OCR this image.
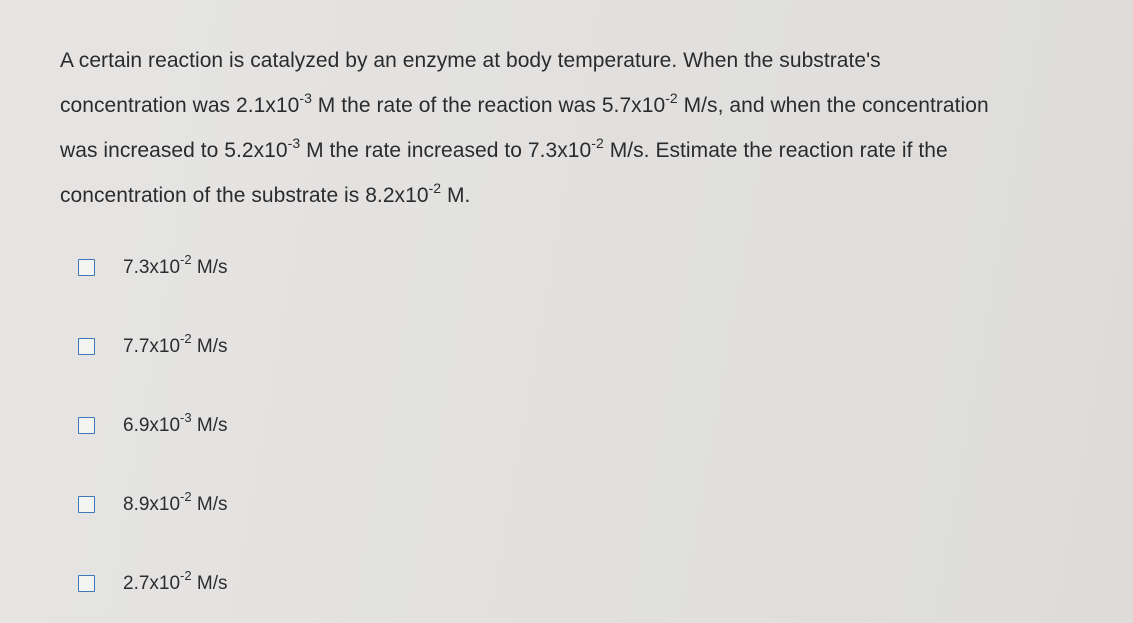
A certain reaction is catalyzed by an enzyme at body temperature. When the substrate's
concentration was $2.1x10^{-3}$ M the rate of the reaction was $5.7x10^{-2}$ M/s, and when the concentration
was increased to $5.2x10^{-3}$ M the rate increased to $7.3x10^{-2}$ M/s. Estimate the reaction rate if the
concentration of the substrate is $8.2x10^{-2}$ M.
$7.3x10^{-2}$ M/s
$7.7x10^{-2}$ M/s
$6.9x10^{-3}$ M/s
$8.9x10^{-2}$ M/s
$2.7x10^{-2}$ M/s
